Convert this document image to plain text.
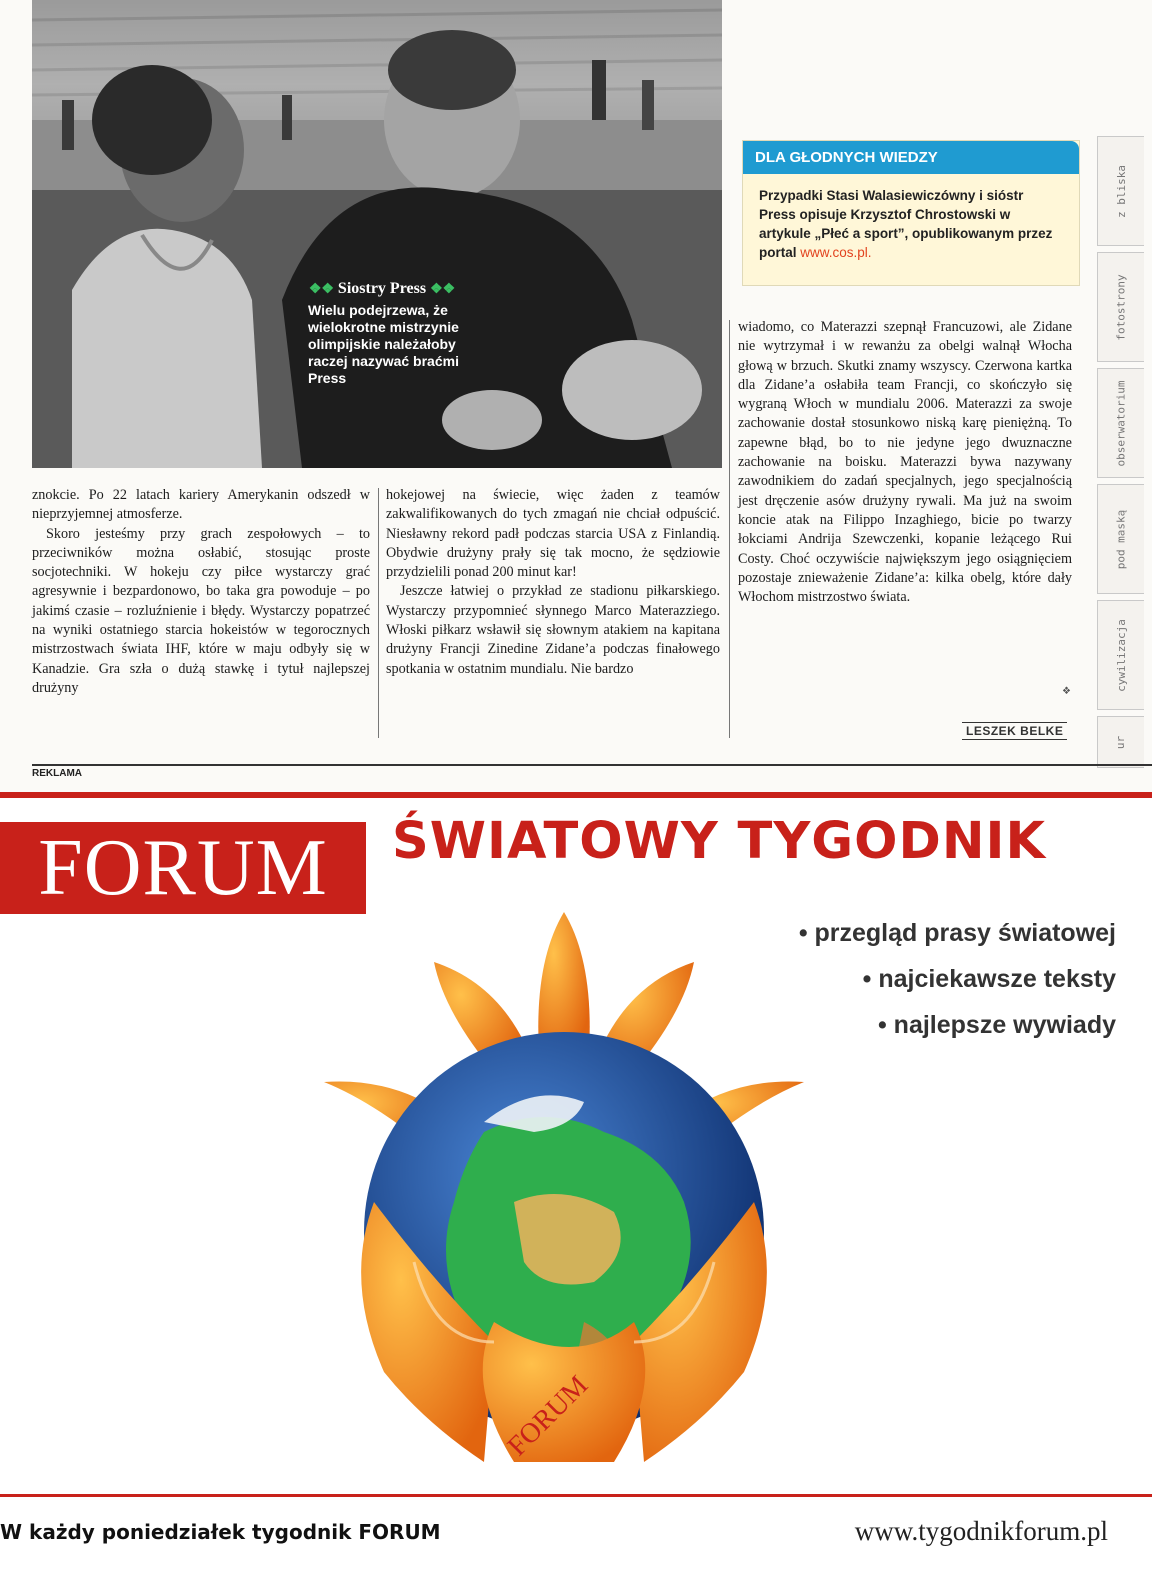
❖❖ Siostry Press ❖❖
Wielu podejrzewa, że wielokrotne mistrzynie olimpijskie należałoby raczej nazywać braćmi Press
DLA GŁODNYCH WIEDZY
Przypadki Stasi Walasiewiczówny i sióstr Press opisuje Krzysztof Chrostowski w artykule „Płeć a sport”, opublikowanym przez portal www.cos.pl.

znokcie. Po 22 latach kariery Amerykanin odszedł w nieprzyjemnej atmosferze.

Skoro jesteśmy przy grach zespołowych – to przeciwników można osłabić, stosując proste socjotechniki. W hokeju czy piłce wystarczy grać agresywnie i bezpardonowo, bo taka gra powoduje – po jakimś czasie – rozluźnienie i błędy. Wystarczy popatrzeć na wyniki ostatniego starcia hokeistów w tegorocznych mistrzostwach świata IHF, które w maju odbyły się w Kanadzie. Gra szła o dużą stawkę i tytuł najlepszej drużyny

hokejowej na świecie, więc żaden z teamów zakwalifikowanych do tych zmagań nie chciał odpuścić. Niesławny rekord padł podczas starcia USA z Finlandią. Obydwie drużyny prały się tak mocno, że sędziowie przydzielili ponad 200 minut kar!

Jeszcze łatwiej o przykład ze stadionu piłkarskiego. Wystarczy przypomnieć słynnego Marco Materazziego. Włoski piłkarz wsławił się słownym atakiem na kapitana drużyny Francji Zinedine Zidane’a podczas finałowego spotkania w ostatnim mundialu. Nie bardzo

wiadomo, co Materazzi szepnął Francuzowi, ale Zidane nie wytrzymał i w rewanżu za obelgi walnął Włocha głową w brzuch. Skutki znamy wszyscy. Czerwona kartka dla Zidane’a osłabiła team Francji, co skończyło się wygraną Włoch w mundialu 2006. Materazzi za swoje zachowanie dostał stosunkowo niską karę pieniężną. To zapewne błąd, bo to nie jedyne jego dwuznaczne zachowanie na boisku. Materazzi bywa nazywany zawodnikiem do zadań specjalnych, jego specjalnością jest dręczenie asów drużyny rywali. Ma już na swoim koncie atak na Filippo Inzaghiego, bicie po twarzy łokciami Andrija Szewczenki, kopanie leżącego Rui Costy. Choć oczywiście największym jego osiągnięciem pozostaje znieważenie Zidane’a: kilka obelg, które dały Włochom mistrzostwo świata.

❖
LESZEK BELKE
z bliska
fotostrony
obserwatorium
pod maską
cywilizacja
ur
REKLAMA
FORUM ŚWIATOWY TYGODNIK
FORUM
• przegląd prasy światowej
• najciekawsze teksty
• najlepsze wywiady
W każdy poniedziałek tygodnik FORUM	www.tygodnikforum.pl
